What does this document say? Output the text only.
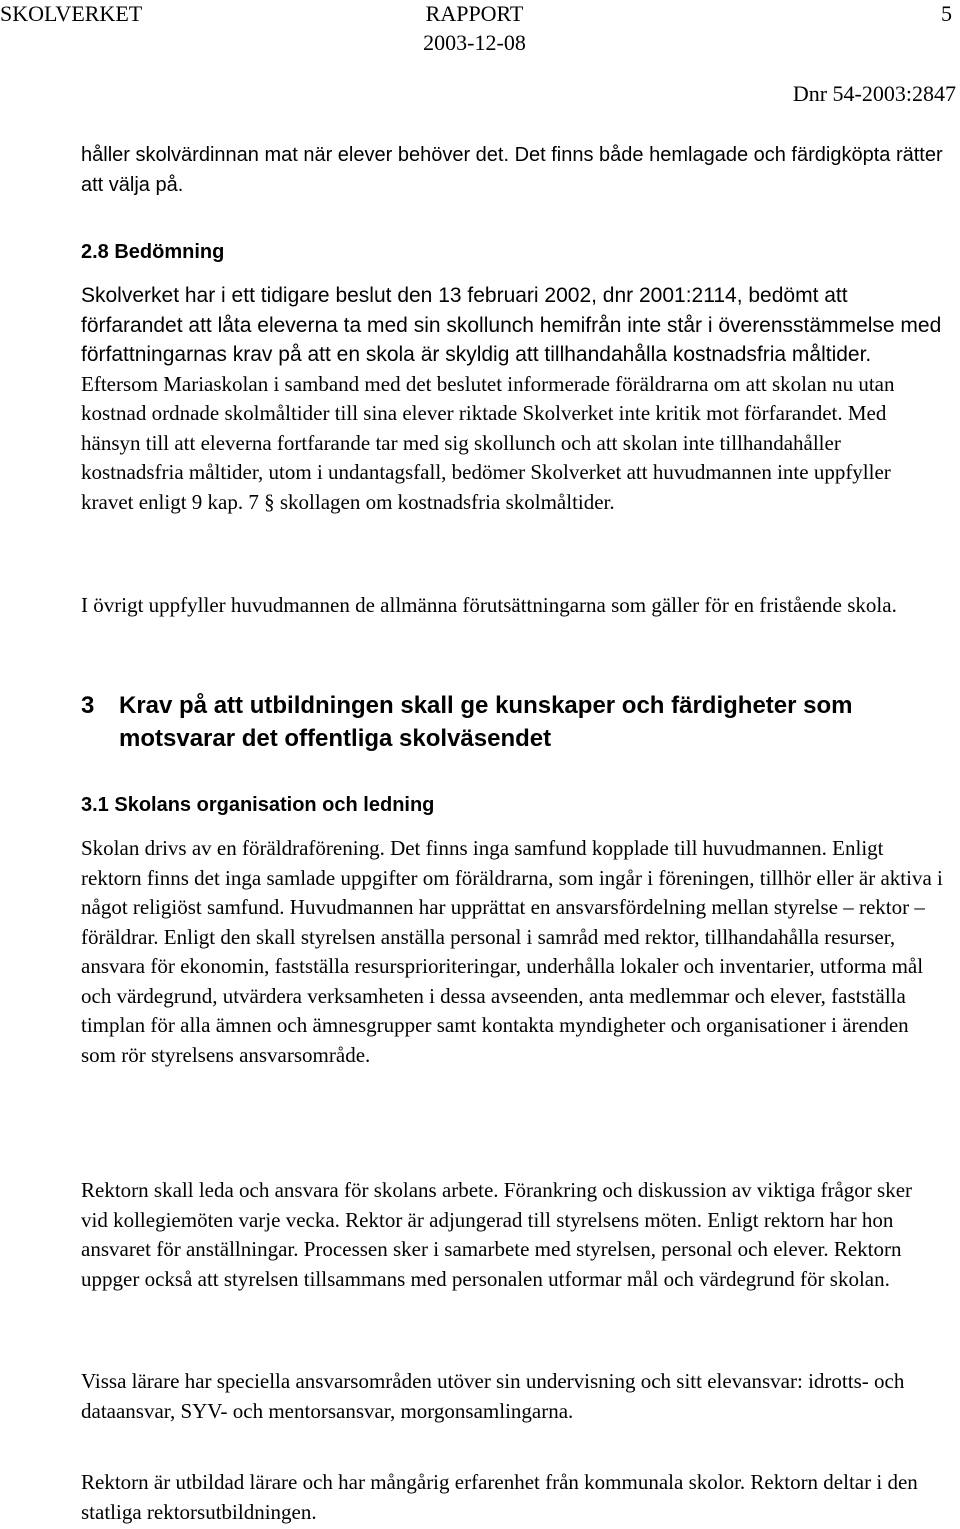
SKOLVERKET	RAPPORT	5
2003-12-08
Dnr 54-2003:2847

håller skolvärdinnan mat när elever behöver det. Det finns både hemlagade och färdigköpta rätter att välja på.

2.8 Bedömning

Skolverket har i ett tidigare beslut den 13 februari 2002, dnr 2001:2114, bedömt att förfarandet att låta eleverna ta med sin skollunch hemifrån inte står i överensstämmelse med författningarnas krav på att en skola är skyldig att tillhandahålla kostnadsfria måltider. Eftersom Mariaskolan i samband med det beslutet informerade föräldrarna om att skolan nu utan kostnad ordnade skolmåltider till sina elever riktade Skolverket inte kritik mot förfarandet. Med hänsyn till att eleverna fortfarande tar med sig skollunch och att skolan inte tillhandahåller kostnadsfria måltider, utom i undantagsfall, bedömer Skolverket att huvudmannen inte uppfyller kravet enligt 9 kap. 7 § skollagen om kostnadsfria skolmåltider.

I övrigt uppfyller huvudmannen de allmänna förutsättningarna som gäller för en fristående skola.

3	Krav på att utbildningen skall ge kunskaper och färdigheter som motsvarar det offentliga skolväsendet
3.1 Skolans organisation och ledning

Skolan drivs av en föräldraförening. Det finns inga samfund kopplade till huvudmannen. Enligt rektorn finns det inga samlade uppgifter om föräldrarna, som ingår i föreningen, tillhör eller är aktiva i något religiöst samfund. Huvudmannen har upprättat en ansvarsfördelning mellan styrelse – rektor – föräldrar. Enligt den skall styrelsen anställa personal i samråd med rektor, tillhandahålla resurser, ansvara för ekonomin, fastställa resursprioriteringar, underhålla lokaler och inventarier, utforma mål och värdegrund, utvärdera verksamheten i dessa avseenden, anta medlemmar och elever, fastställa timplan för alla ämnen och ämnesgrupper samt kontakta myndigheter och organisationer i ärenden som rör styrelsens ansvarsområde.

Rektorn skall leda och ansvara för skolans arbete. Förankring och diskussion av viktiga frågor sker vid kollegiemöten varje vecka. Rektor är adjungerad till styrelsens möten. Enligt rektorn har hon ansvaret för anställningar. Processen sker i samarbete med styrelsen, personal och elever. Rektorn uppger också att styrelsen tillsammans med personalen utformar mål och värdegrund för skolan.

Vissa lärare har speciella ansvarsområden utöver sin undervisning och sitt elevansvar: idrotts- och dataansvar, SYV- och mentorsansvar, morgonsamlingarna.

Rektorn är utbildad lärare och har mångårig erfarenhet från kommunala skolor. Rektorn deltar i den statliga rektorsutbildningen.
